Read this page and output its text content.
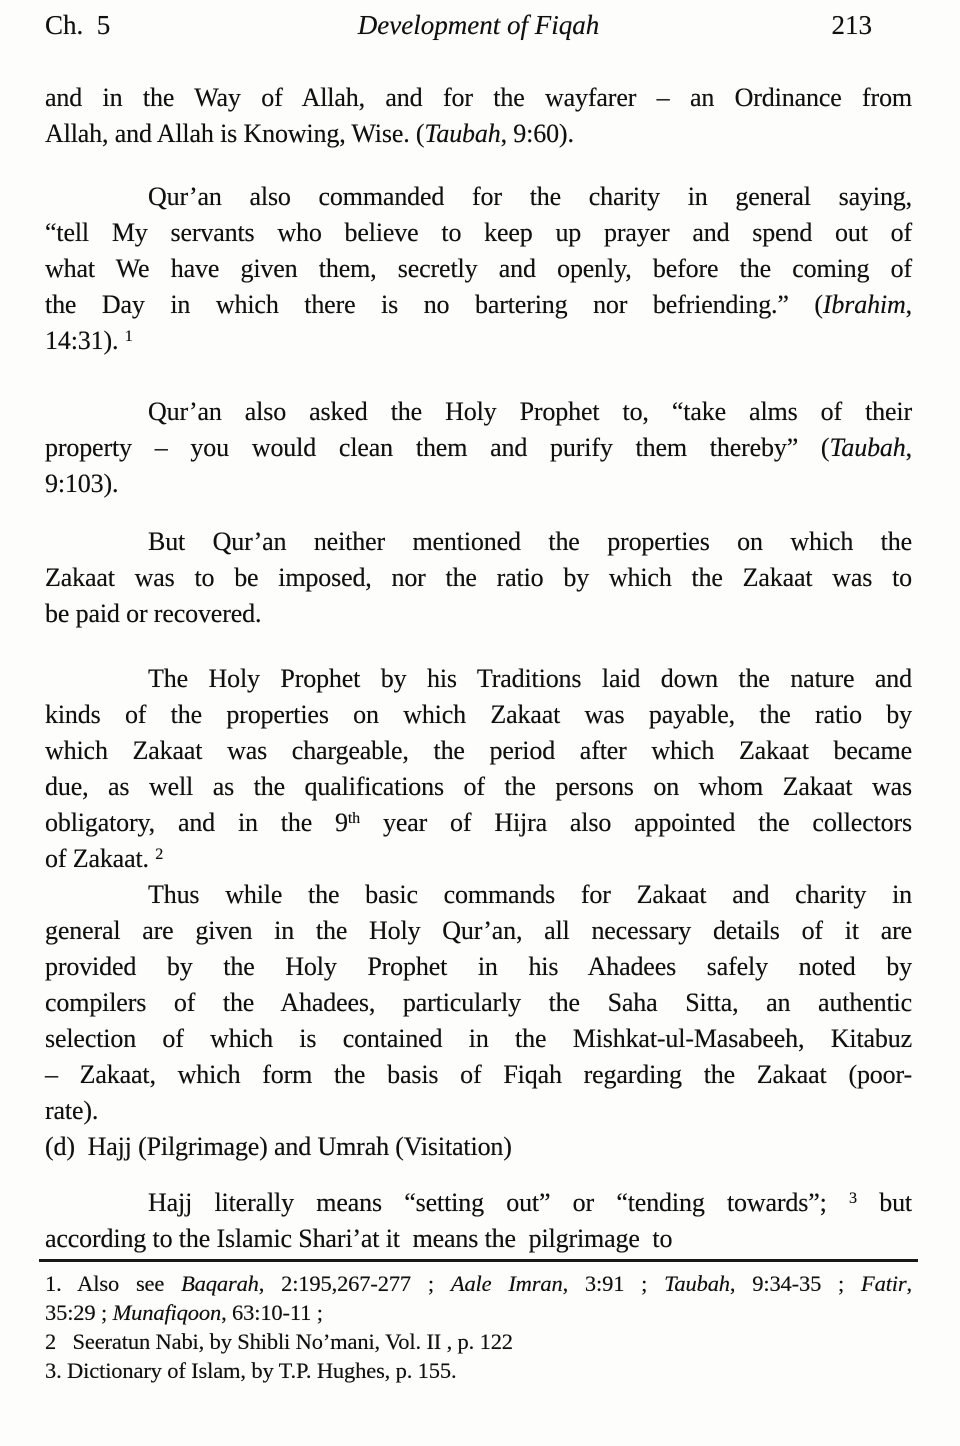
Ch.  5	Development of Fiqah	213
and in the Way of Allah, and for the wayfarer – an Ordinance from
Allah, and Allah is Knowing, Wise. (Taubah, 9:60).
Qur’an also commanded for the charity in general saying,
“tell My servants who believe to keep up prayer and spend out of
what We have given them, secretly and openly, before the coming of
the Day in which there is no bartering nor befriending.” (Ibrahim,
14:31). $^1$
Qur’an also asked the Holy Prophet to, “take alms of their
property – you would clean them and purify them thereby” (Taubah,
9:103).
But Qur’an neither mentioned the properties on which the
Zakaat was to be imposed, nor the ratio by which the Zakaat was to
be paid or recovered.
The Holy Prophet by his Traditions laid down the nature and
kinds of the properties on which Zakaat was payable, the ratio by
which Zakaat was chargeable, the period after which Zakaat became
due, as well as the qualifications of the persons on whom Zakaat was
obligatory, and in the 9th year of Hijra also appointed the collectors
of Zakaat. $^2$
Thus while the basic commands for Zakaat and charity in
general are given in the Holy Qur’an, all necessary details of it are
provided by the Holy Prophet in his Ahadees safely noted by
compilers of the Ahadees, particularly the Saha Sitta, an authentic
selection of which is contained in the Mishkat-ul-Masabeeh, Kitabuz
– Zakaat, which form the basis of Fiqah regarding the Zakaat (poor-
rate).
(d)  Hajj (Pilgrimage) and Umrah (Visitation)
Hajj literally means “setting out” or “tending towards”; $^3$ but
according to the Islamic Shari’at it  means the  pilgrimage  to
1. Also see Baqarah, 2:195,267-277 ; Aale Imran, 3:91 ; Taubah, 9:34-35 ; Fatir,
35:29 ; Munafiqoon, 63:10-11 ;
2   Seeratun Nabi, by Shibli No’mani, Vol. II , p. 122
3. Dictionary of Islam, by T.P. Hughes, p. 155.
